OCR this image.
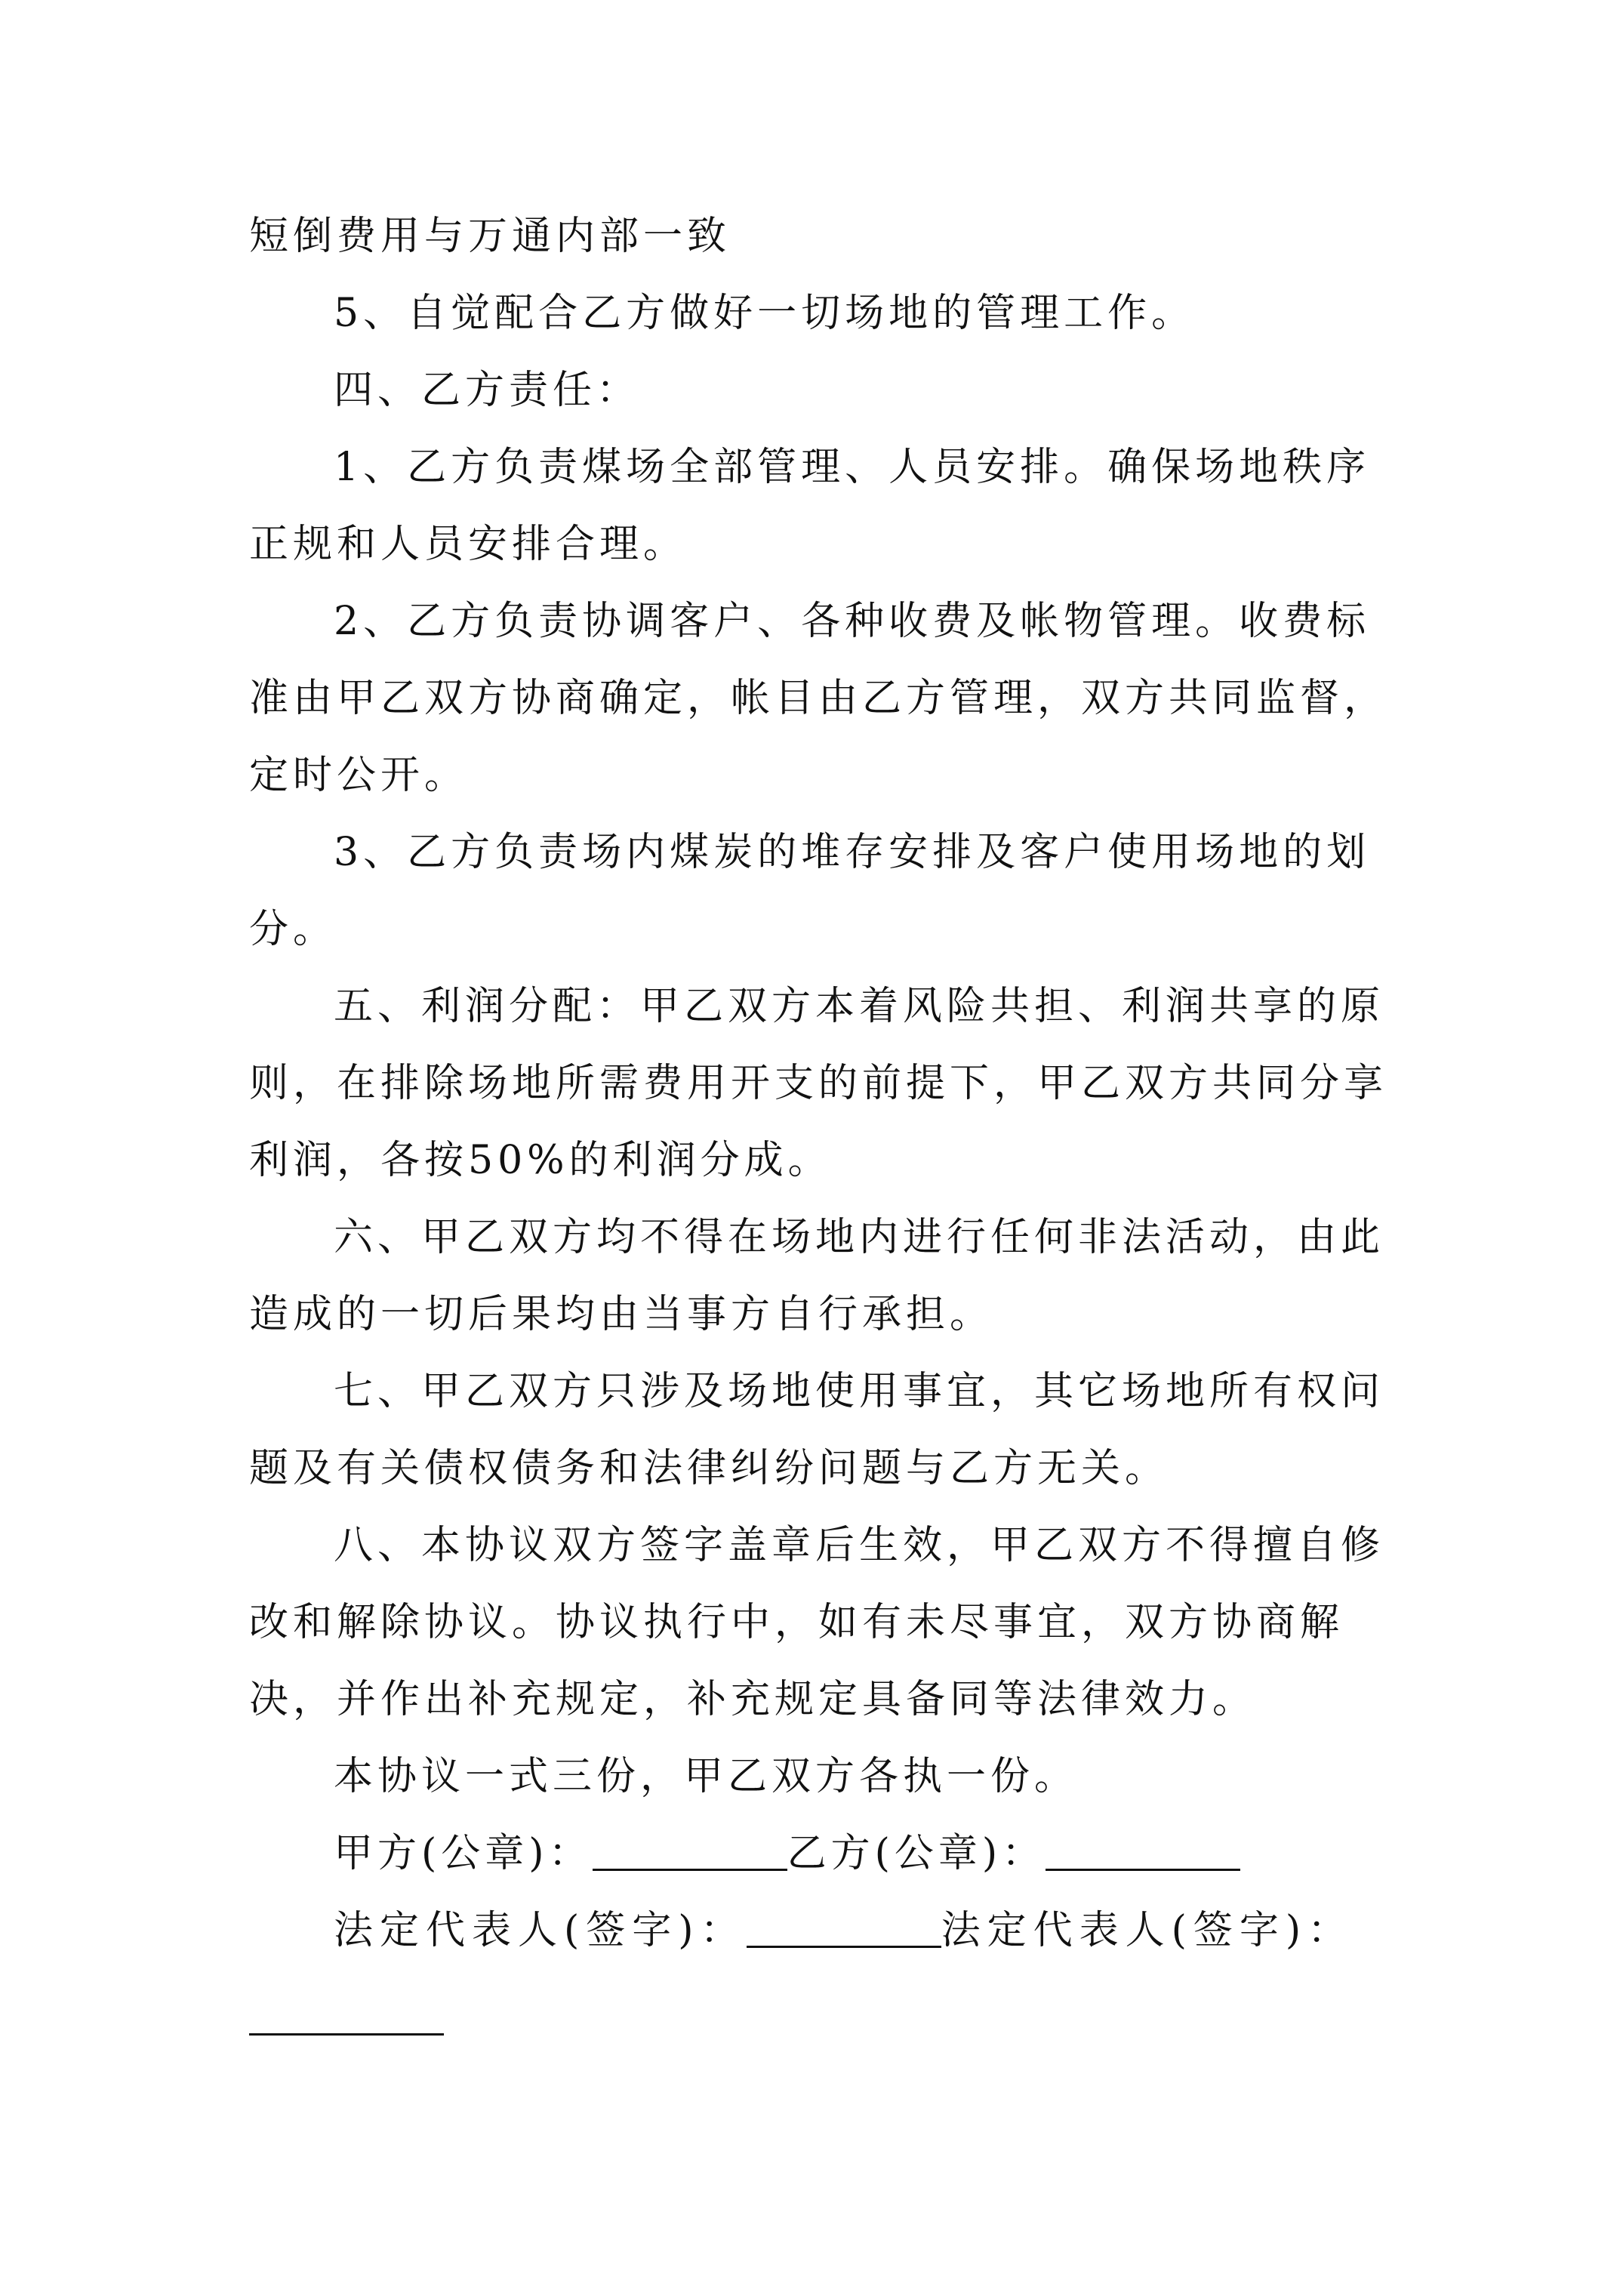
短倒费用与万通内部一致

5、自觉配合乙方做好一切场地的管理工作。

四、乙方责任：

1、乙方负责煤场全部管理、人员安排。确保场地秩序正规和人员安排合理。

2、乙方负责协调客户、各种收费及帐物管理。收费标准由甲乙双方协商确定，帐目由乙方管理，双方共同监督，定时公开。

3、乙方负责场内煤炭的堆存安排及客户使用场地的划分。

五、利润分配：甲乙双方本着风险共担、利润共享的原则，在排除场地所需费用开支的前提下，甲乙双方共同分享利润，各按50%的利润分成。

六、甲乙双方均不得在场地内进行任何非法活动，由此造成的一切后果均由当事方自行承担。

七、甲乙双方只涉及场地使用事宜，其它场地所有权问题及有关债权债务和法律纠纷问题与乙方无关。

八、本协议双方签字盖章后生效，甲乙双方不得擅自修改和解除协议。协议执行中，如有未尽事宜，双方协商解决，并作出补充规定，补充规定具备同等法律效力。

本协议一式三份，甲乙双方各执一份。

甲方(公章)：	乙方(公章)：

法定代表人(签字)：	法定代表人(签字)：
